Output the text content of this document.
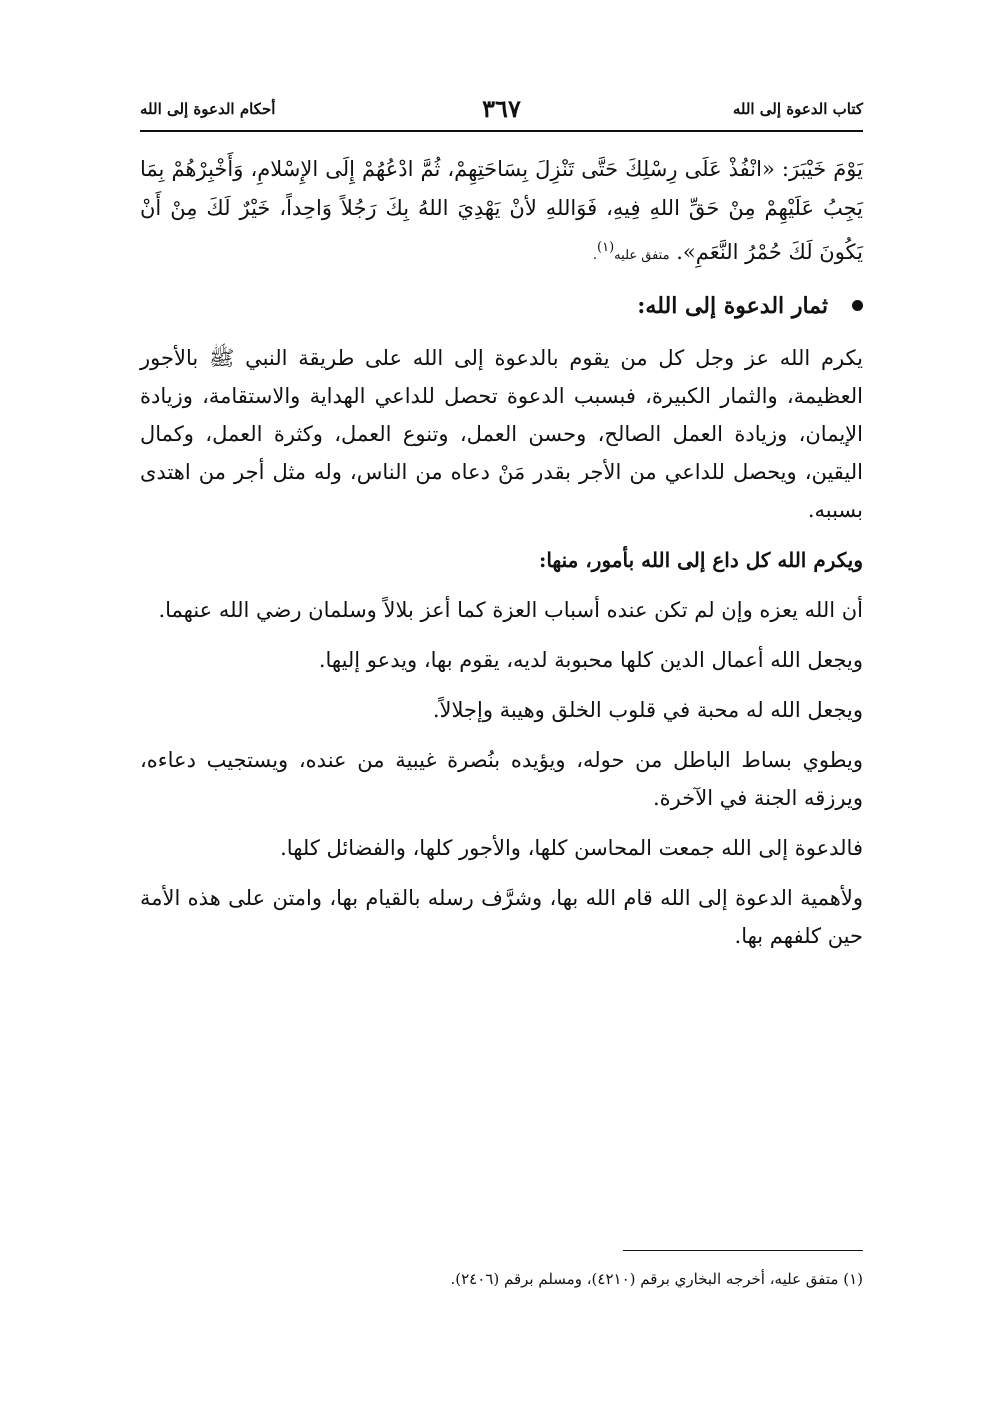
كتاب الدعوة إلى الله
٣٦٧
أحكام الدعوة إلى الله

يَوْمَ خَيْبَرَ: «انْفُذْ عَلَى رِسْلِكَ حَتَّى تَنْزِلَ بِسَاحَتِهِمْ، ثُمَّ ادْعُهُمْ إِلَى الإِسْلامِ، وَأَخْبِرْهُمْ بِمَا يَجِبُ عَلَيْهِمْ مِنْ حَقِّ اللهِ فِيهِ، فَوَاللهِ لأنْ يَهْدِيَ اللهُ بِكَ رَجُلاً وَاحِداً، خَيْرٌ لَكَ مِنْ أَنْ يَكُونَ لَكَ حُمْرُ النَّعَمِ». متفق عليه$^{(١)}$.

ثمار الدعوة إلى الله:

يكرم الله عز وجل كل من يقوم بالدعوة إلى الله على طريقة النبي ﷺ بالأجور العظيمة، والثمار الكبيرة، فبسبب الدعوة تحصل للداعي الهداية والاستقامة، وزيادة الإيمان، وزيادة العمل الصالح، وحسن العمل، وتنوع العمل، وكثرة العمل، وكمال اليقين، ويحصل للداعي من الأجر بقدر مَنْ دعاه من الناس، وله مثل أجر من اهتدى بسببه.

ويكرم الله كل داع إلى الله بأمور، منها:

أن الله يعزه وإن لم تكن عنده أسباب العزة كما أعز بلالاً وسلمان رضي الله عنهما.

ويجعل الله أعمال الدين كلها محبوبة لديه، يقوم بها، ويدعو إليها.

ويجعل الله له محبة في قلوب الخلق وهيبة وإجلالاً.

ويطوي بساط الباطل من حوله، ويؤيده بنُصرة غيبية من عنده، ويستجيب دعاءه، ويرزقه الجنة في الآخرة.

فالدعوة إلى الله جمعت المحاسن كلها، والأجور كلها، والفضائل كلها.

ولأهمية الدعوة إلى الله قام الله بها، وشرَّف رسله بالقيام بها، وامتن على هذه الأمة حين كلفهم بها.

(١) متفق عليه، أخرجه البخاري برقم (٤٢١٠)، ومسلم برقم (٢٤٠٦).
